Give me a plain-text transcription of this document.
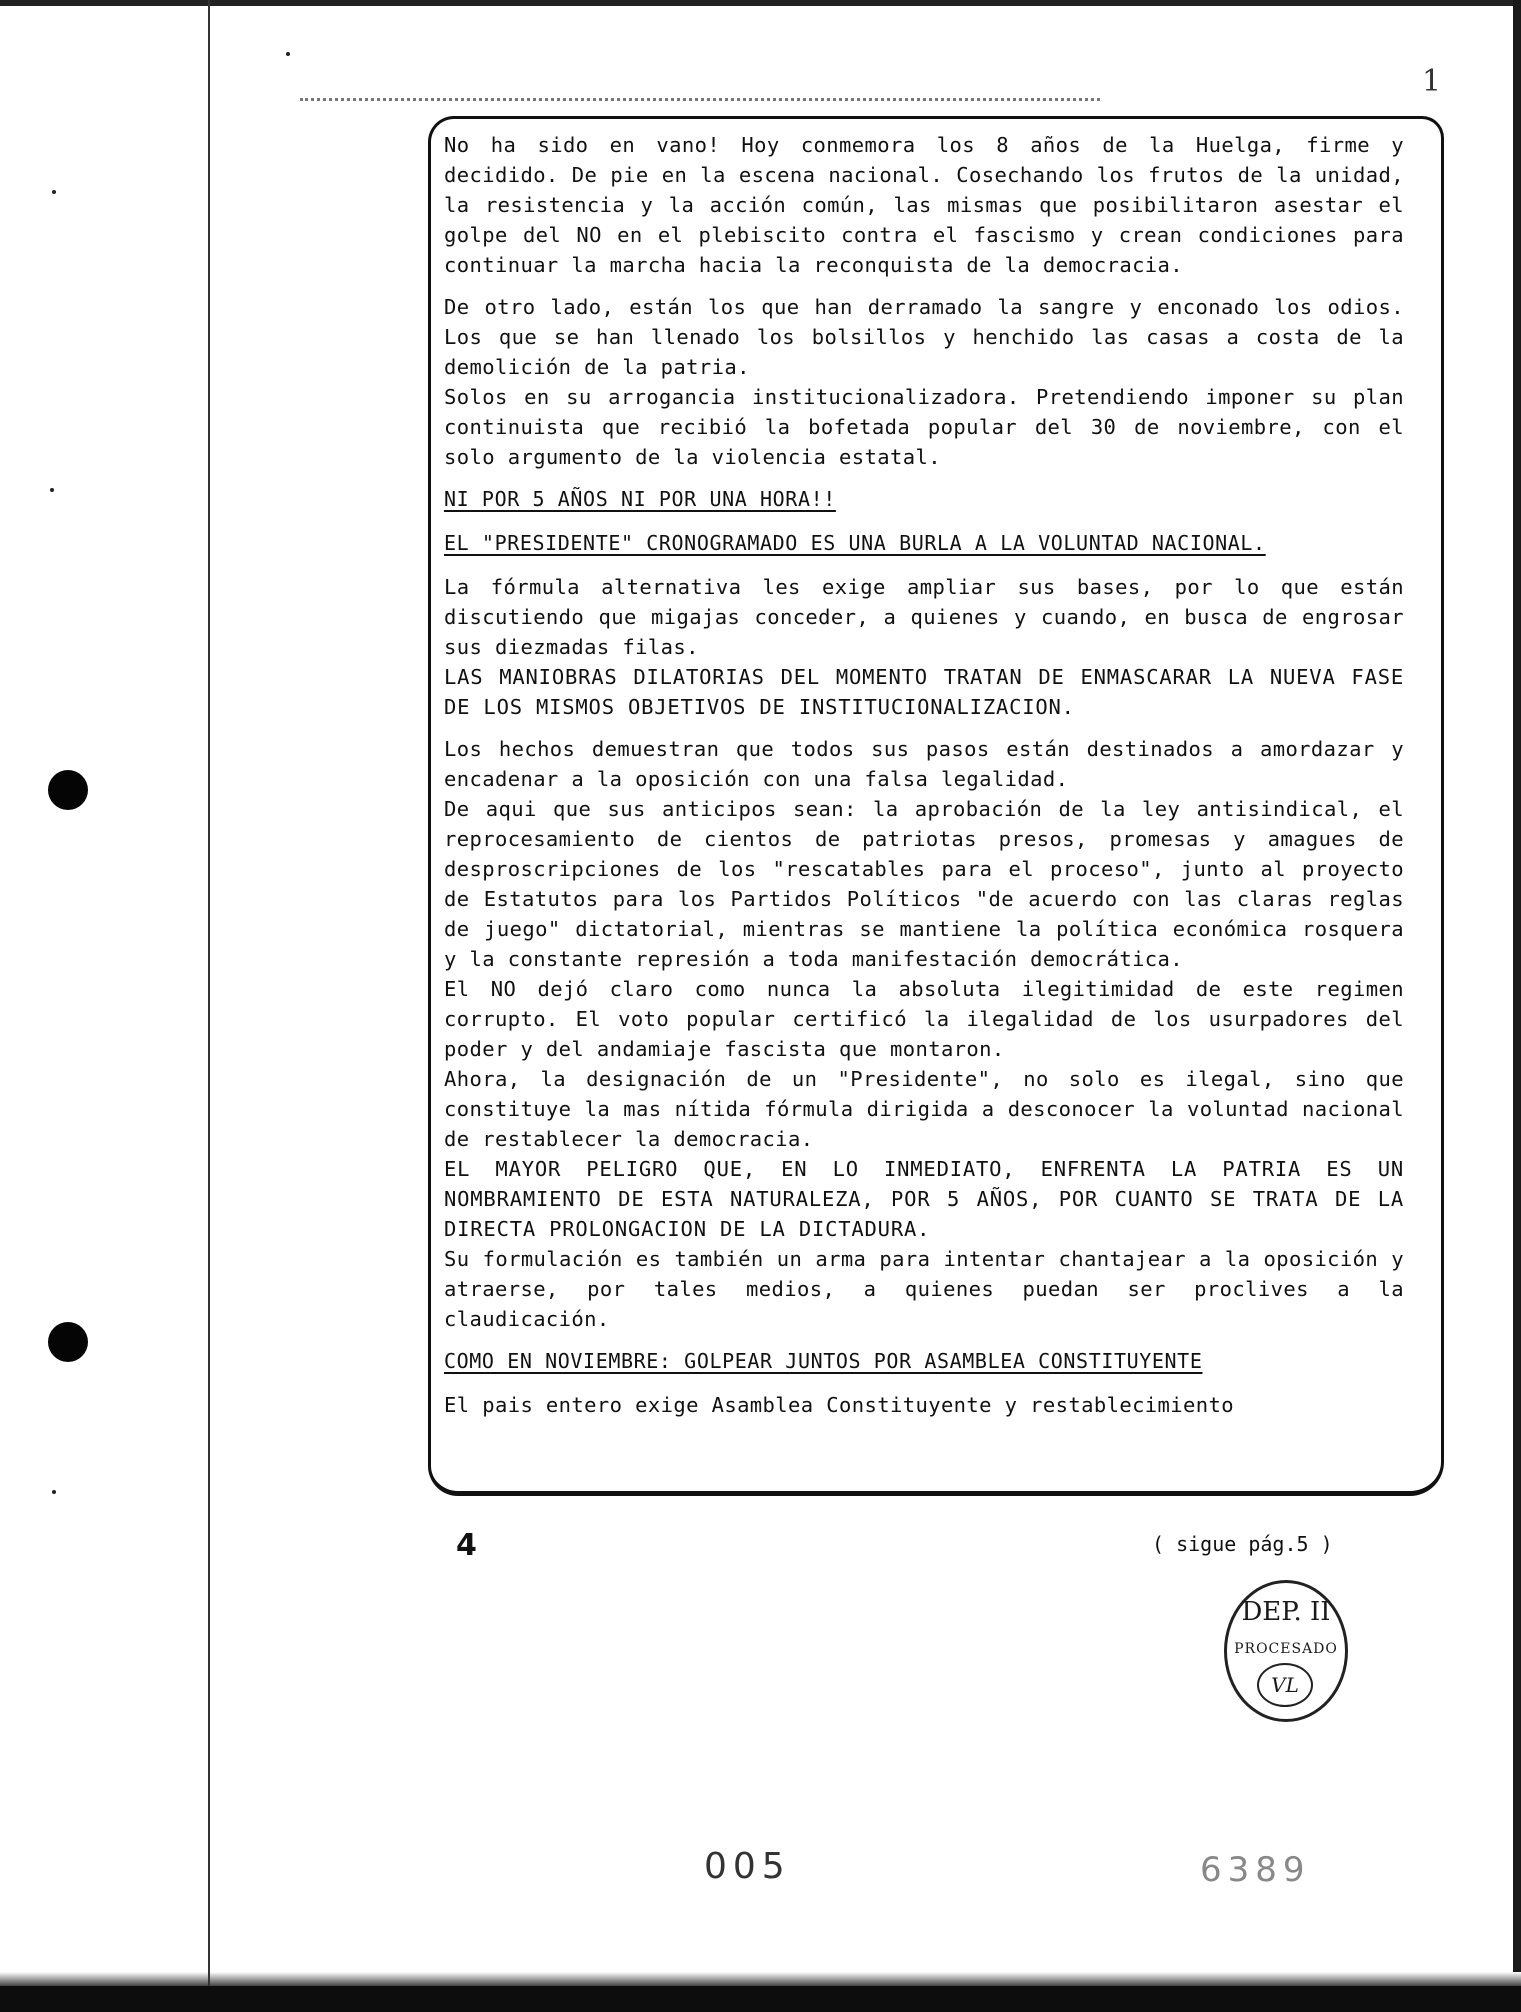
1

No ha sido en vano! Hoy conmemora los 8 años de la Huelga, firme y decidido. De pie en la escena nacional. Cosechando los frutos de la unidad, la resistencia y la acción común, las mismas que posibilitaron asestar el golpe del NO en el plebiscito contra el fascismo y crean condiciones para continuar la marcha hacia la reconquista de la democracia.

De otro lado, están los que han derramado la sangre y enconado los odios. Los que se han llenado los bolsillos y henchido las casas a costa de la demolición de la patria.

Solos en su arrogancia institucionalizadora. Pretendiendo imponer su plan continuista que recibió la bofetada popular del 30 de noviembre, con el solo argumento de la violencia estatal.

NI POR 5 AÑOS NI POR UNA HORA!!
EL "PRESIDENTE" CRONOGRAMADO ES UNA BURLA A LA VOLUNTAD NACIONAL.

La fórmula alternativa les exige ampliar sus bases, por lo que están discutiendo que migajas conceder, a quienes y cuando, en busca de engrosar sus diezmadas filas.

LAS MANIOBRAS DILATORIAS DEL MOMENTO TRATAN DE ENMASCARAR LA NUEVA FASE DE LOS MISMOS OBJETIVOS DE INSTITUCIONALIZACION.

Los hechos demuestran que todos sus pasos están destinados a amordazar y encadenar a la oposición con una falsa legalidad.

De aqui que sus anticipos sean: la aprobación de la ley antisindical, el reprocesamiento de cientos de patriotas presos, promesas y amagues de desproscripciones de los "rescatables para el proceso", junto al proyecto de Estatutos para los Partidos Políticos "de acuerdo con las claras reglas de juego" dictatorial, mientras se mantiene la política económica rosquera y la constante represión a toda manifestación democrática.

El NO dejó claro como nunca la absoluta ilegitimidad de este regimen corrupto. El voto popular certificó la ilegalidad de los usurpadores del poder y del andamiaje fascista que montaron.

Ahora, la designación de un "Presidente", no solo es ilegal, sino que constituye la mas nítida fórmula dirigida a desconocer la voluntad nacional de restablecer la democracia.

EL MAYOR PELIGRO QUE, EN LO INMEDIATO, ENFRENTA LA PATRIA ES UN NOMBRAMIENTO DE ESTA NATURALEZA, POR 5 AÑOS, POR CUANTO SE TRATA DE LA DIRECTA PROLONGACION DE LA DICTADURA.

Su formulación es también un arma para intentar chantajear a la oposición y atraerse, por tales medios, a quienes puedan ser proclives a la claudicación.

COMO EN NOVIEMBRE: GOLPEAR JUNTOS POR ASAMBLEA CONSTITUYENTE

El pais entero exige Asamblea Constituyente y restablecimiento

4	( sigue pág.5 )
DEP. II
PROCESADO
VL
005	6389
